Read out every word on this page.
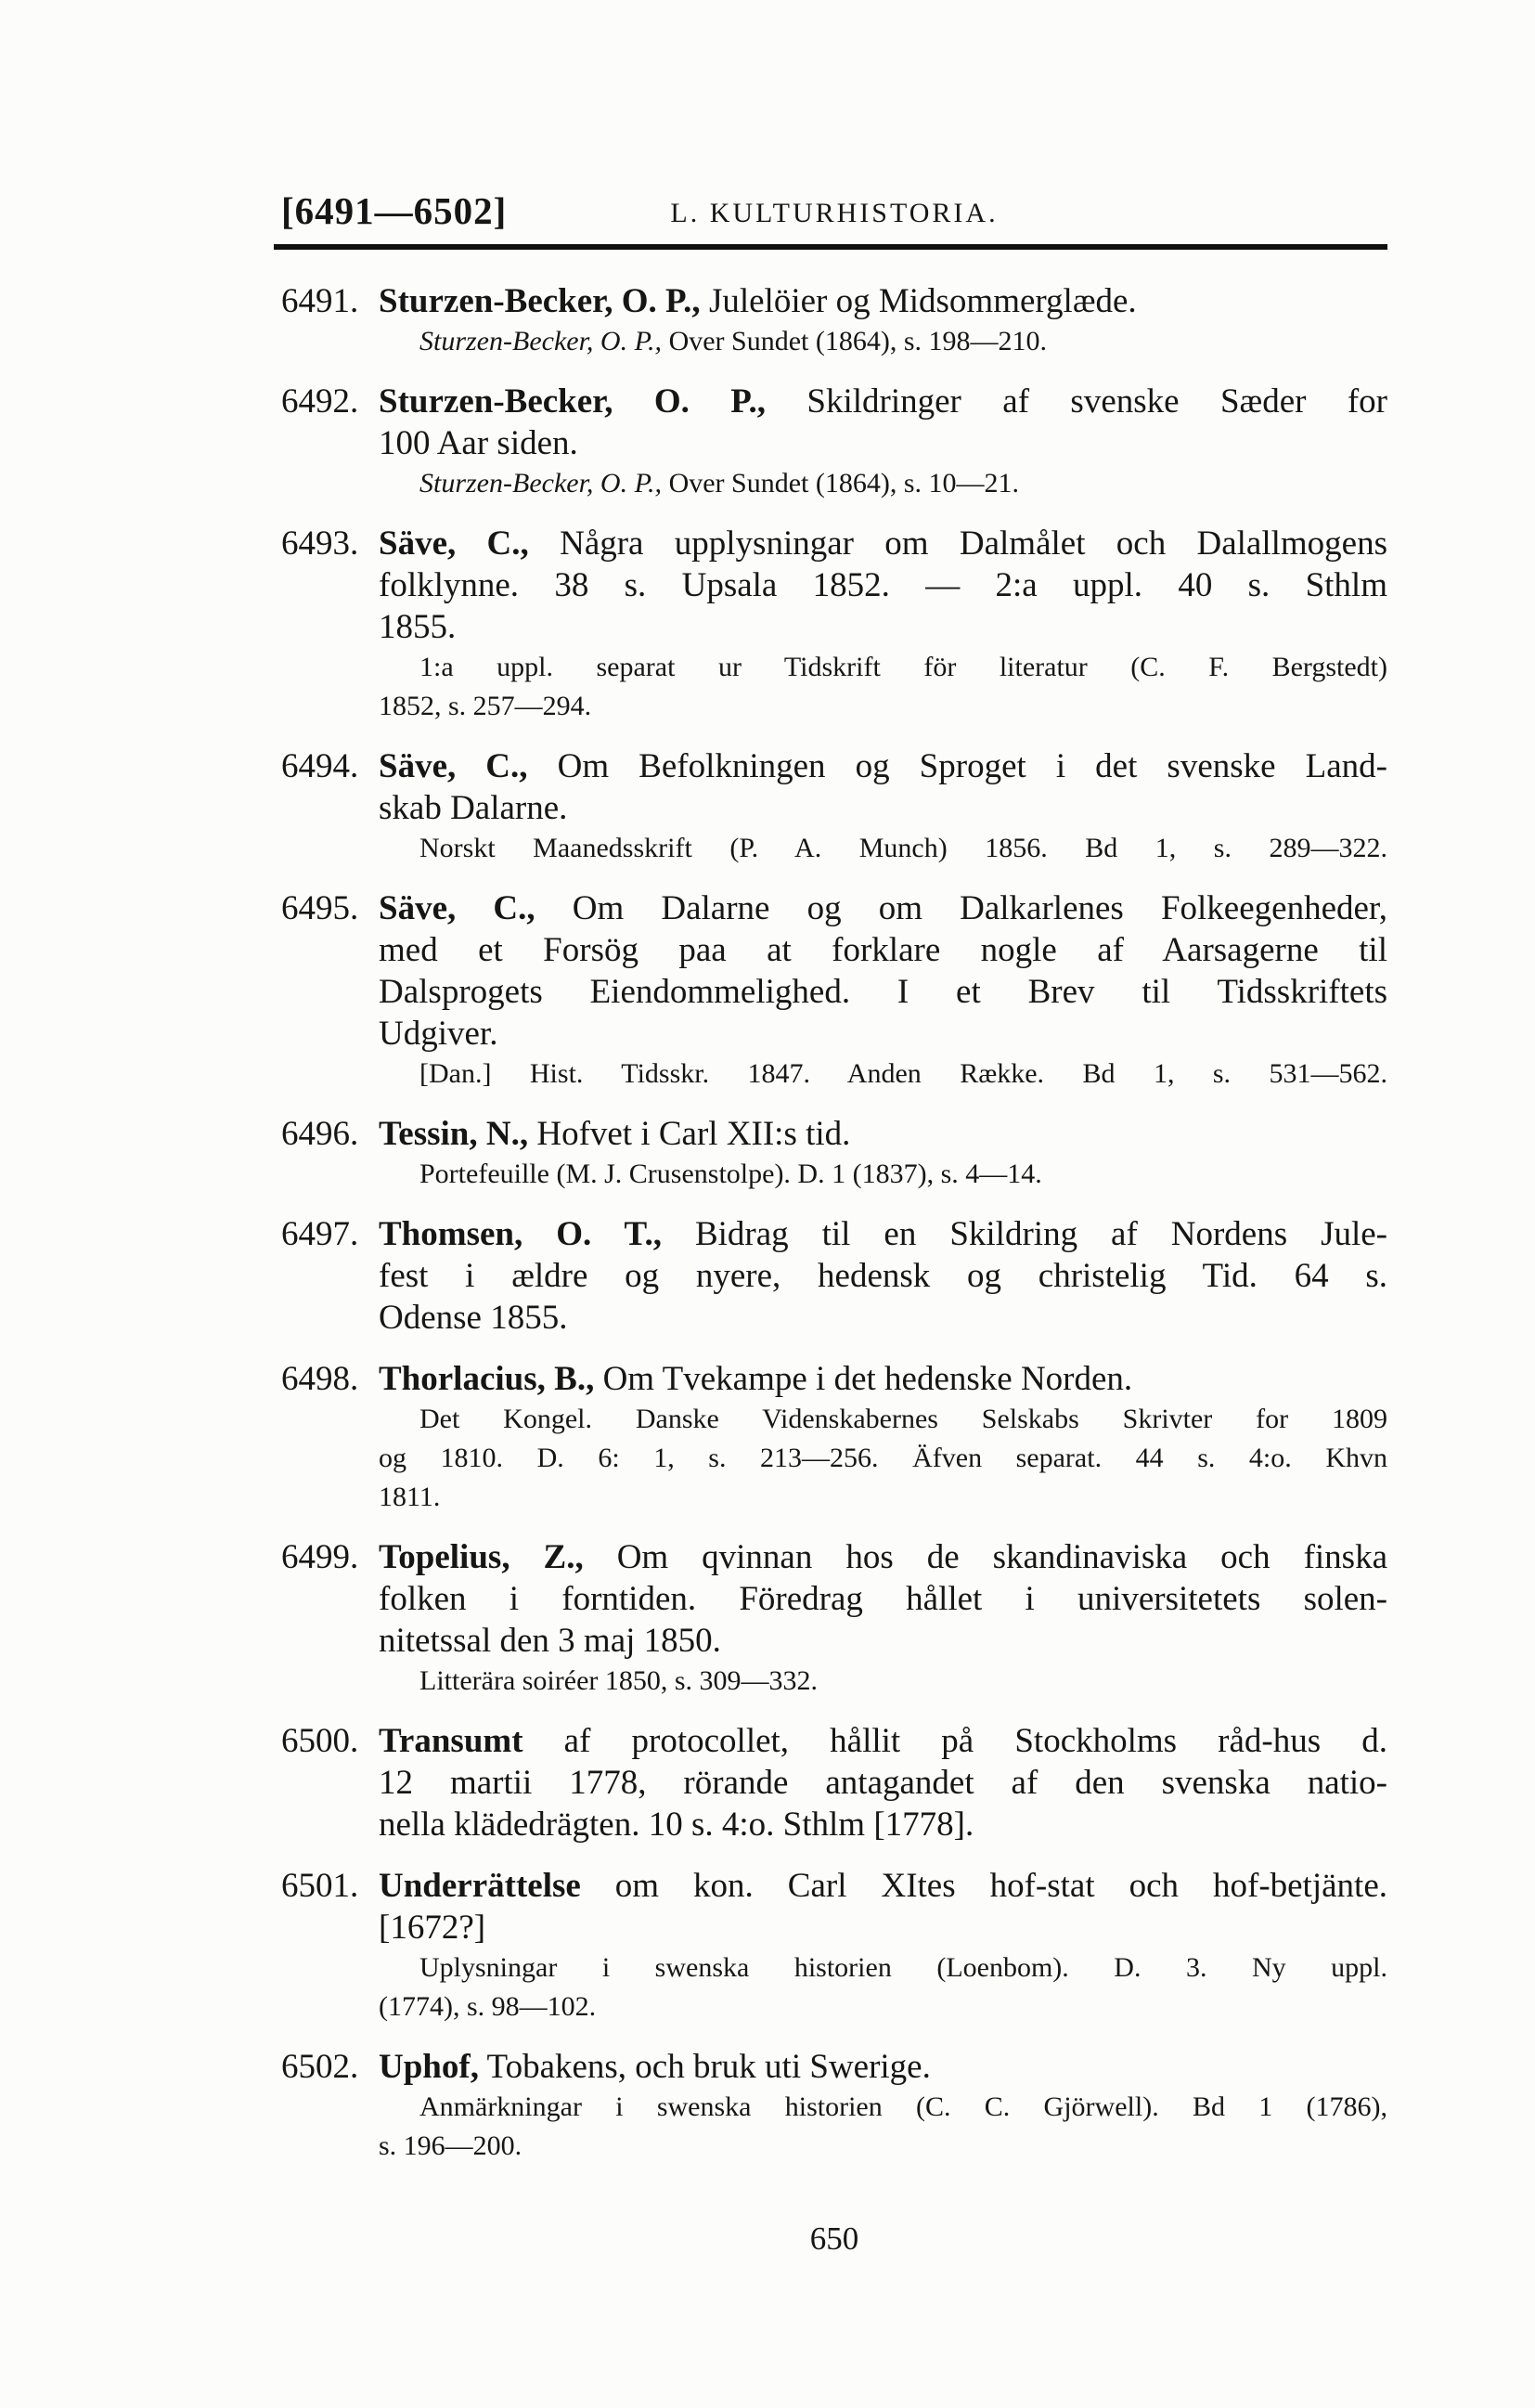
[6491—6502]	L. KULTURHISTORIA.
6491. Sturzen-Becker, O. P., Julelöier og Midsommerglæde.
Sturzen-Becker, O. P., Over Sundet (1864), s. 198—210.
6492. Sturzen-Becker, O. P., Skildringer af svenske Sæder for
100 Aar siden.
Sturzen-Becker, O. P., Over Sundet (1864), s. 10—21.
6493. Säve, C., Några upplysningar om Dalmålet och Dalallmogens
folklynne. 38 s. Upsala 1852. — 2:a uppl. 40 s. Sthlm
1855.
1:a uppl. separat ur Tidskrift för literatur (C. F. Bergstedt)
1852, s. 257—294.
6494. Säve, C., Om Befolkningen og Sproget i det svenske Land-
skab Dalarne.
Norskt Maanedsskrift (P. A. Munch) 1856. Bd 1, s. 289—322.
6495. Säve, C., Om Dalarne og om Dalkarlenes Folkeegenheder,
med et Forsög paa at forklare nogle af Aarsagerne til
Dalsprogets Eiendommelighed. I et Brev til Tidsskriftets
Udgiver.
[Dan.] Hist. Tidsskr. 1847. Anden Række. Bd 1, s. 531—562.
6496. Tessin, N., Hofvet i Carl XII:s tid.
Portefeuille (M. J. Crusenstolpe). D. 1 (1837), s. 4—14.
6497. Thomsen, O. T., Bidrag til en Skildring af Nordens Jule-
fest i ældre og nyere, hedensk og christelig Tid. 64 s.
Odense 1855.
6498. Thorlacius, B., Om Tvekampe i det hedenske Norden.
Det Kongel. Danske Videnskabernes Selskabs Skrivter for 1809
og 1810. D. 6: 1, s. 213—256. Äfven separat. 44 s. 4:o. Khvn
1811.
6499. Topelius, Z., Om qvinnan hos de skandinaviska och finska
folken i forntiden. Föredrag hållet i universitetets solen-
nitetssal den 3 maj 1850.
Litterära soiréer 1850, s. 309—332.
6500. Transumt af protocollet, hållit på Stockholms råd-hus d.
12 martii 1778, rörande antagandet af den svenska natio-
nella klädedrägten. 10 s. 4:o. Sthlm [1778].
6501. Underrättelse om kon. Carl XItes hof-stat och hof-betjänte.
[1672?]
Uplysningar i swenska historien (Loenbom). D. 3. Ny uppl.
(1774), s. 98—102.
6502. Uphof, Tobakens, och bruk uti Swerige.
Anmärkningar i swenska historien (C. C. Gjörwell). Bd 1 (1786),
s. 196—200.
650
